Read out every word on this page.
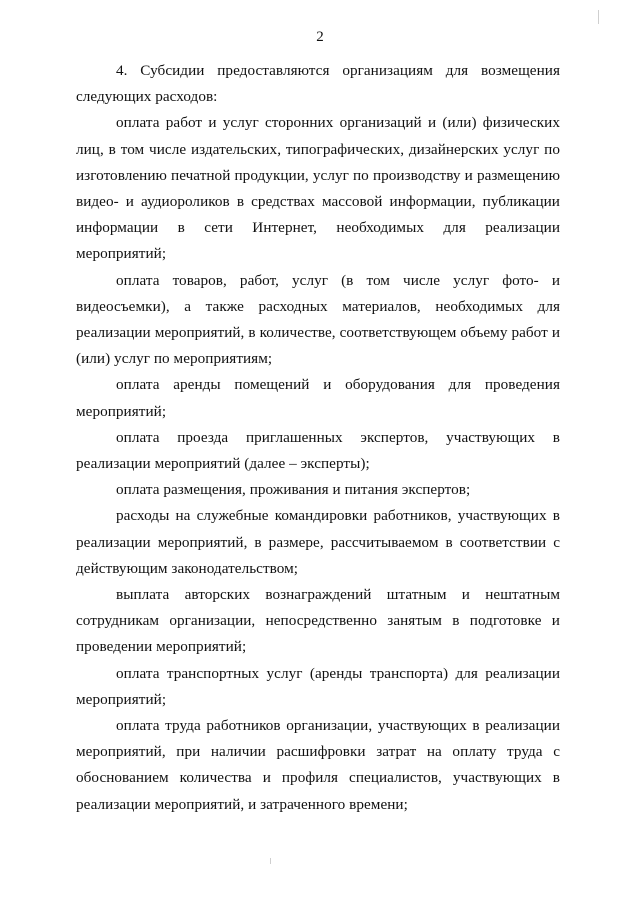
2

4. Субсидии предоставляются организациям для возмещения следующих расходов:

оплата работ и услуг сторонних организаций и (или) физических лиц, в том числе издательских, типографических, дизайнерских услуг по изготовлению печатной продукции, услуг по производству и размещению видео- и аудиороликов в средствах массовой информации, публикации информации в сети Интернет, необходимых для реализации мероприятий;

оплата товаров, работ, услуг (в том числе услуг фото- и видеосъемки), а также расходных материалов, необходимых для реализации мероприятий, в количестве, соответствующем объему работ и (или) услуг по мероприятиям;

оплата аренды помещений и оборудования для проведения мероприятий;

оплата проезда приглашенных экспертов, участвующих в реализации мероприятий (далее – эксперты);

оплата размещения, проживания и питания экспертов;

расходы на служебные командировки работников, участвующих в реализации мероприятий, в размере, рассчитываемом в соответствии с действующим законодательством;

выплата авторских вознаграждений штатным и нештатным сотрудникам организации, непосредственно занятым в подготовке и проведении мероприятий;

оплата транспортных услуг (аренды транспорта) для реализации мероприятий;

оплата труда работников организации, участвующих в реализации мероприятий, при наличии расшифровки затрат на оплату труда с обоснованием количества и профиля специалистов, участвующих в реализации мероприятий, и затраченного времени;
